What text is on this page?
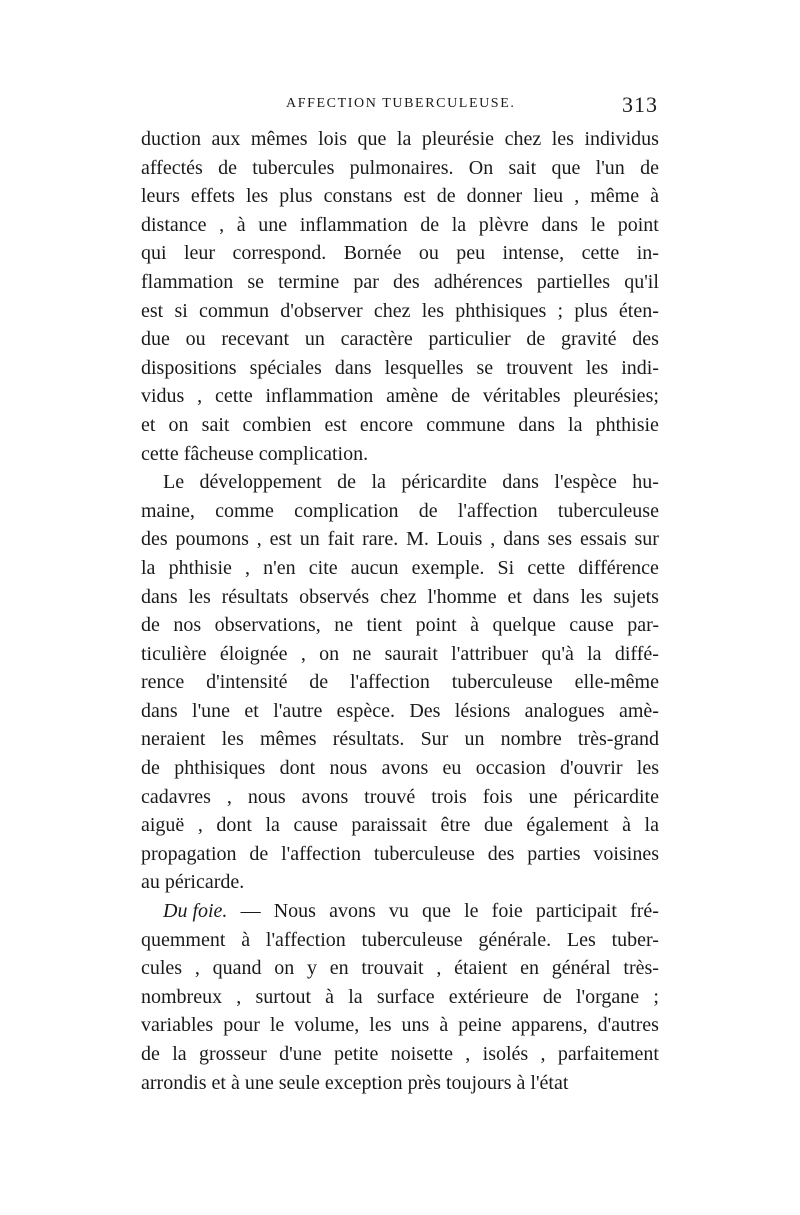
AFFECTION TUBERCULEUSE.	313
duction aux mêmes lois que la pleurésie chez les individus
affectés de tubercules pulmonaires. On sait que l'un de
leurs effets les plus constans est de donner lieu , même à
distance , à une inflammation de la plèvre dans le point
qui leur correspond. Bornée ou peu intense, cette in-
flammation se termine par des adhérences partielles qu'il
est si commun d'observer chez les phthisiques ; plus éten-
due ou recevant un caractère particulier de gravité des
dispositions spéciales dans lesquelles se trouvent les indi-
vidus , cette inflammation amène de véritables pleurésies;
et on sait combien est encore commune dans la phthisie
cette fâcheuse complication.
Le développement de la péricardite dans l'espèce hu-
maine, comme complication de l'affection tuberculeuse
des poumons , est un fait rare. M. Louis , dans ses essais sur
la phthisie , n'en cite aucun exemple. Si cette différence
dans les résultats observés chez l'homme et dans les sujets
de nos observations, ne tient point à quelque cause par-
ticulière éloignée , on ne saurait l'attribuer qu'à la diffé-
rence d'intensité de l'affection tuberculeuse elle-même
dans l'une et l'autre espèce. Des lésions analogues amè-
neraient les mêmes résultats. Sur un nombre très-grand
de phthisiques dont nous avons eu occasion d'ouvrir les
cadavres , nous avons trouvé trois fois une péricardite
aiguë , dont la cause paraissait être due également à la
propagation de l'affection tuberculeuse des parties voisines
au péricarde.
Du foie. — Nous avons vu que le foie participait fré-
quemment à l'affection tuberculeuse générale. Les tuber-
cules , quand on y en trouvait , étaient en général très-
nombreux , surtout à la surface extérieure de l'organe ;
variables pour le volume, les uns à peine apparens, d'autres
de la grosseur d'une petite noisette , isolés , parfaitement
arrondis et à une seule exception près toujours à l'état
